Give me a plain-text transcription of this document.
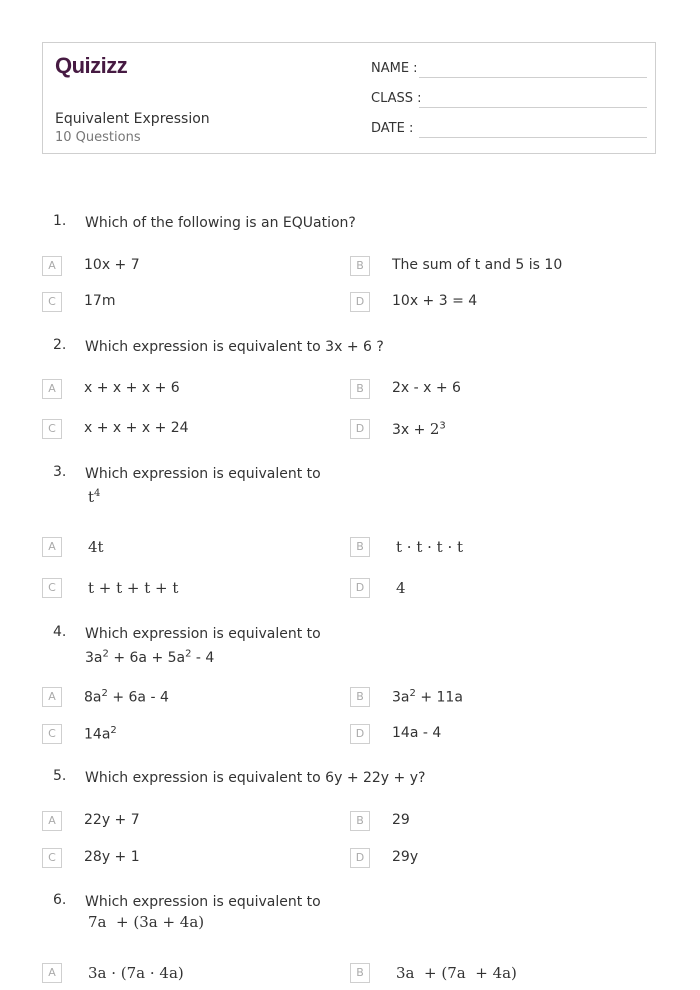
Quizizz
Equivalent Expression
10 Questions
NAME :
CLASS :
DATE :
1. Which of the following is an EQUation?
A	10x + 7	B	The sum of t and 5 is 10
C	17m	D	10x + 3 = 4
2. Which expression is equivalent to 3x + 6 ?
A	x + x + x + 6	B	2x - x + 6
C	x + x + x + 24	D	$3x + 2^3$
3. Which expression is equivalent to
$t^4$
A	4t	B	t · t · t · t
C	t + t + t + t	D	4
4. Which expression is equivalent to
$3a^2 + 6a + 5a^2 - 4$
A	$8a^2 + 6a - 4$	B	$3a^2 + 11a$
C	$14a^2$	D	14a - 4
5. Which expression is equivalent to 6y + 22y + y?
A	22y + 7	B	29
C	28y + 1	D	29y
6. Which expression is equivalent to
7a  + (3a + 4a)
A	3a · (7a · 4a)	B	3a  + (7a  + 4a)
